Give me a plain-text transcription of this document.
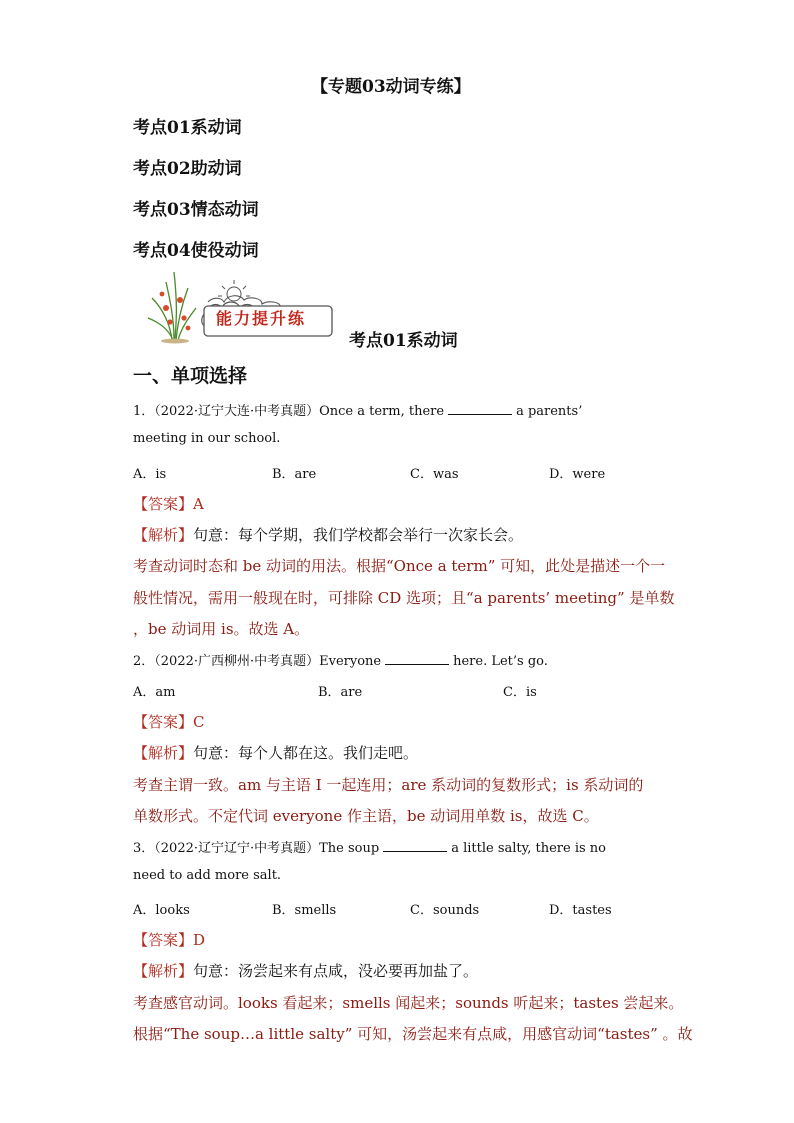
【专题03动词专练】
考点01系动词
考点02助动词
考点03情态动词
考点04使役动词
能力提升练
考点01系动词
一、单项选择
1．（2022·辽宁大连·中考真题）Once a term, there	a parents’
meeting in our school.
A．is	B．are	C．was	D．were
【答案】A
【解析】句意：每个学期，我们学校都会举行一次家长会。
考查动词时态和 be 动词的用法。根据“Once a term” 可知，此处是描述一个一
般性情况，需用一般现在时，可排除 CD 选项；且“a parents’ meeting” 是单数
，be 动词用 is。故选 A。
2．（2022·广西柳州·中考真题）Everyone	here. Let’s go.
A．am	B．are	C．is
【答案】C
【解析】句意：每个人都在这。我们走吧。
考查主谓一致。am 与主语 I 一起连用；are 系动词的复数形式；is 系动词的
单数形式。不定代词 everyone 作主语，be 动词用单数 is，故选 C。
3．（2022·辽宁辽宁·中考真题）The soup	a little salty, there is no
need to add more salt.
A．looks	B．smells	C．sounds	D．tastes
【答案】D
【解析】句意：汤尝起来有点咸，没必要再加盐了。
考查感官动词。looks 看起来；smells 闻起来；sounds 听起来；tastes 尝起来。
根据“The soup…a little salty” 可知，汤尝起来有点咸，用感官动词“tastes” 。故
